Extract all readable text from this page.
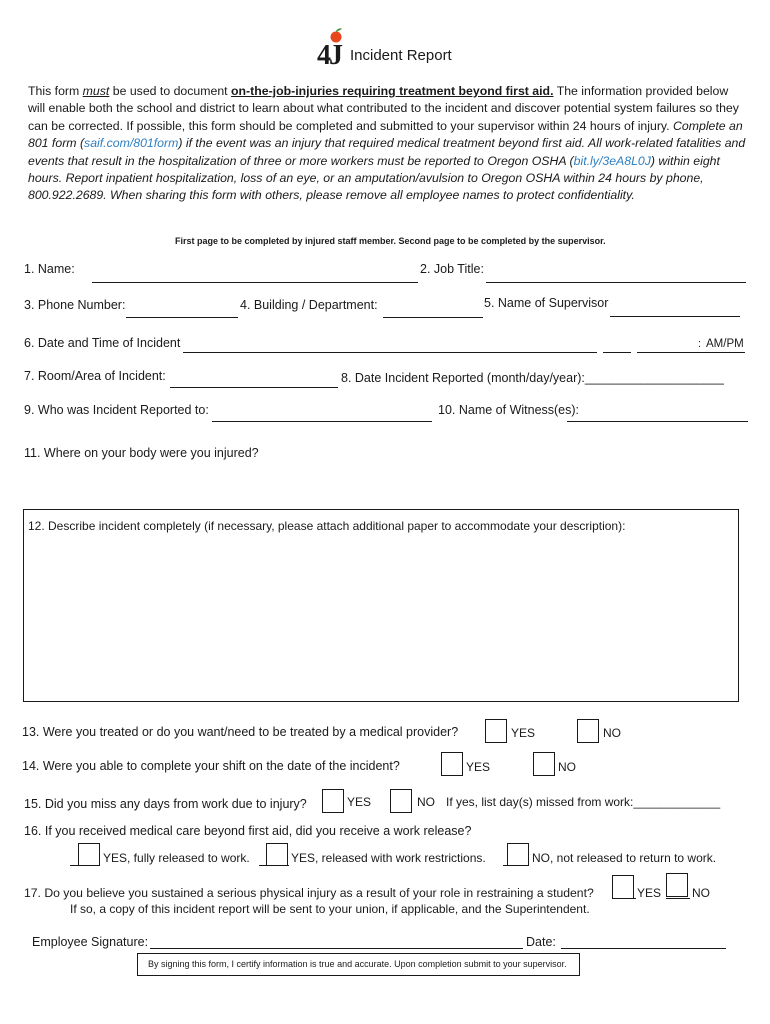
4J Incident Report
This form must be used to document on-the-job-injuries requiring treatment beyond first aid. The information provided below will enable both the school and district to learn about what contributed to the incident and discover potential system failures so they can be corrected. If possible, this form should be completed and submitted to your supervisor within 24 hours of injury. Complete an 801 form (saif.com/801form) if the event was an injury that required medical treatment beyond first aid. All work-related fatalities and events that result in the hospitalization of three or more workers must be reported to Oregon OSHA (bit.ly/3eA8L0J) within eight hours. Report inpatient hospitalization, loss of an eye, or an amputation/avulsion to Oregon OSHA within 24 hours by phone, 800.922.2689. When sharing this form with others, please remove all employee names to protect confidentiality.
First page to be completed by injured staff member. Second page to be completed by the supervisor.
1. Name:	2. Job Title:
3. Phone Number:	4. Building / Department:	5. Name of Supervisor
6. Date and Time of Incident	: AM/PM
7. Room/Area of Incident:	8. Date Incident Reported (month/day/year):____________________
9. Who was Incident Reported to:	10. Name of Witness(es):
11. Where on your body were you injured?
12. Describe incident completely (if necessary, please attach additional paper to accommodate your description):
13. Were you treated or do you want/need to be treated by a medical provider?	YES	NO
14. Were you able to complete your shift on the date of the incident?	YES	NO
15. Did you miss any days from work due to injury?	YES	NO If yes, list day(s) missed from work:_____________
16. If you received medical care beyond first aid, did you receive a work release?
YES, fully released to work.	YES, released with work restrictions.	NO, not released to return to work.
17. Do you believe you sustained a serious physical injury as a result of your role in restraining a student?	YES	NO
If so, a copy of this incident report will be sent to your union, if applicable, and the Superintendent.
Employee Signature:	Date:
By signing this form, I certify information is true and accurate. Upon completion submit to your supervisor.
